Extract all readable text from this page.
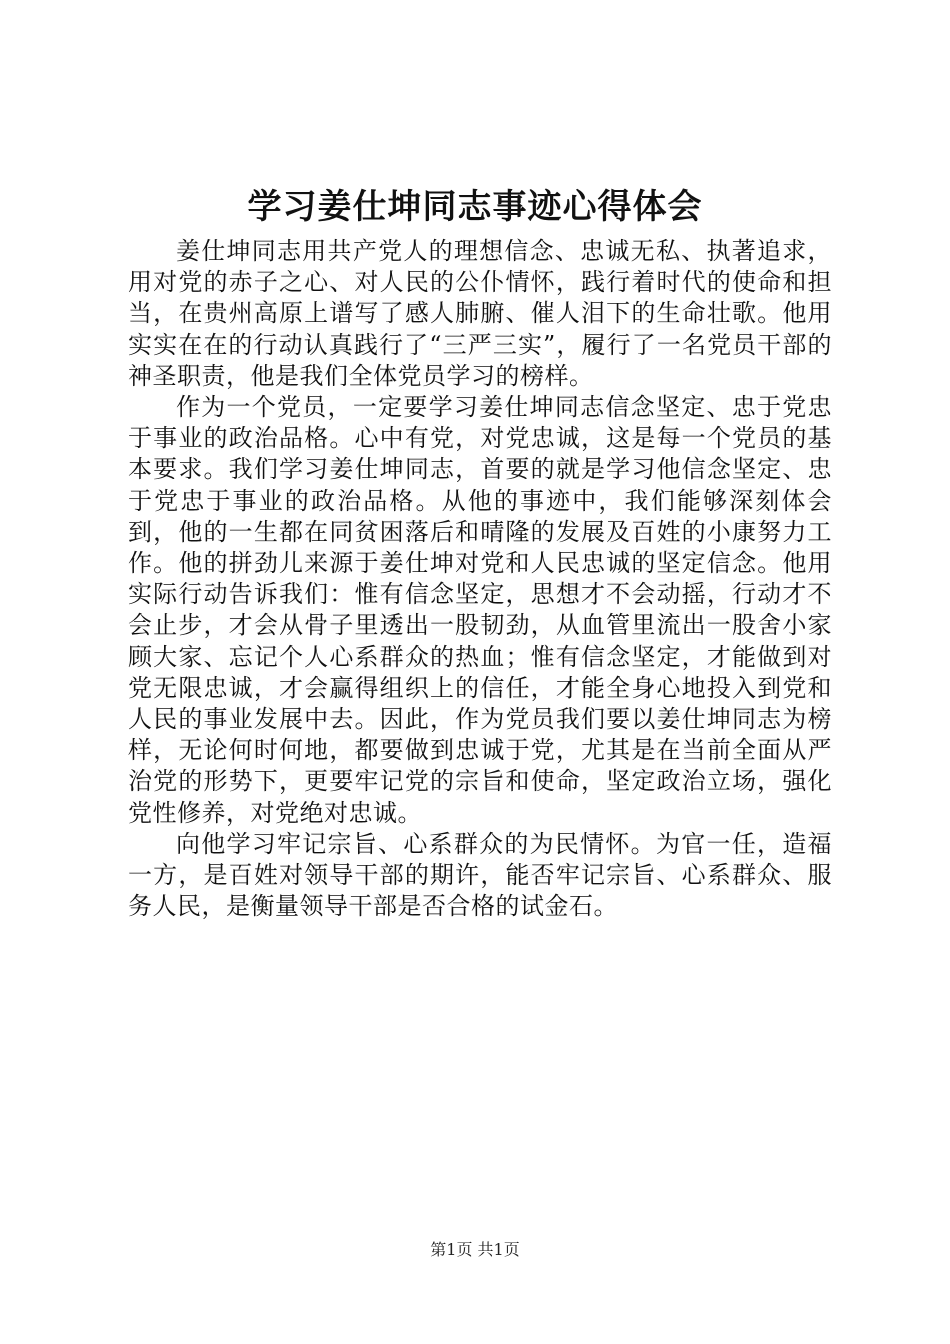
学习姜仕坤同志事迹心得体会

姜仕坤同志用共产党人的理想信念、忠诚无私、执著追求，用对党的赤子之心、对人民的公仆情怀，践行着时代的使命和担当，在贵州高原上谱写了感人肺腑、催人泪下的生命壮歌。他用实实在在的行动认真践行了“三严三实”，履行了一名党员干部的神圣职责，他是我们全体党员学习的榜样。

作为一个党员，一定要学习姜仕坤同志信念坚定、忠于党忠于事业的政治品格。心中有党，对党忠诚，这是每一个党员的基本要求。我们学习姜仕坤同志，首要的就是学习他信念坚定、忠于党忠于事业的政治品格。从他的事迹中，我们能够深刻体会到，他的一生都在同贫困落后和晴隆的发展及百姓的小康努力工作。他的拼劲儿来源于姜仕坤对党和人民忠诚的坚定信念。他用实际行动告诉我们：惟有信念坚定，思想才不会动摇，行动才不会止步，才会从骨子里透出一股韧劲，从血管里流出一股舍小家顾大家、忘记个人心系群众的热血；惟有信念坚定，才能做到对党无限忠诚，才会赢得组织上的信任，才能全身心地投入到党和人民的事业发展中去。因此，作为党员我们要以姜仕坤同志为榜样，无论何时何地，都要做到忠诚于党，尤其是在当前全面从严治党的形势下，更要牢记党的宗旨和使命，坚定政治立场，强化党性修养，对党绝对忠诚。

向他学习牢记宗旨、心系群众的为民情怀。为官一任，造福一方，是百姓对领导干部的期许，能否牢记宗旨、心系群众、服务人民，是衡量领导干部是否合格的试金石。

第1页 共1页
